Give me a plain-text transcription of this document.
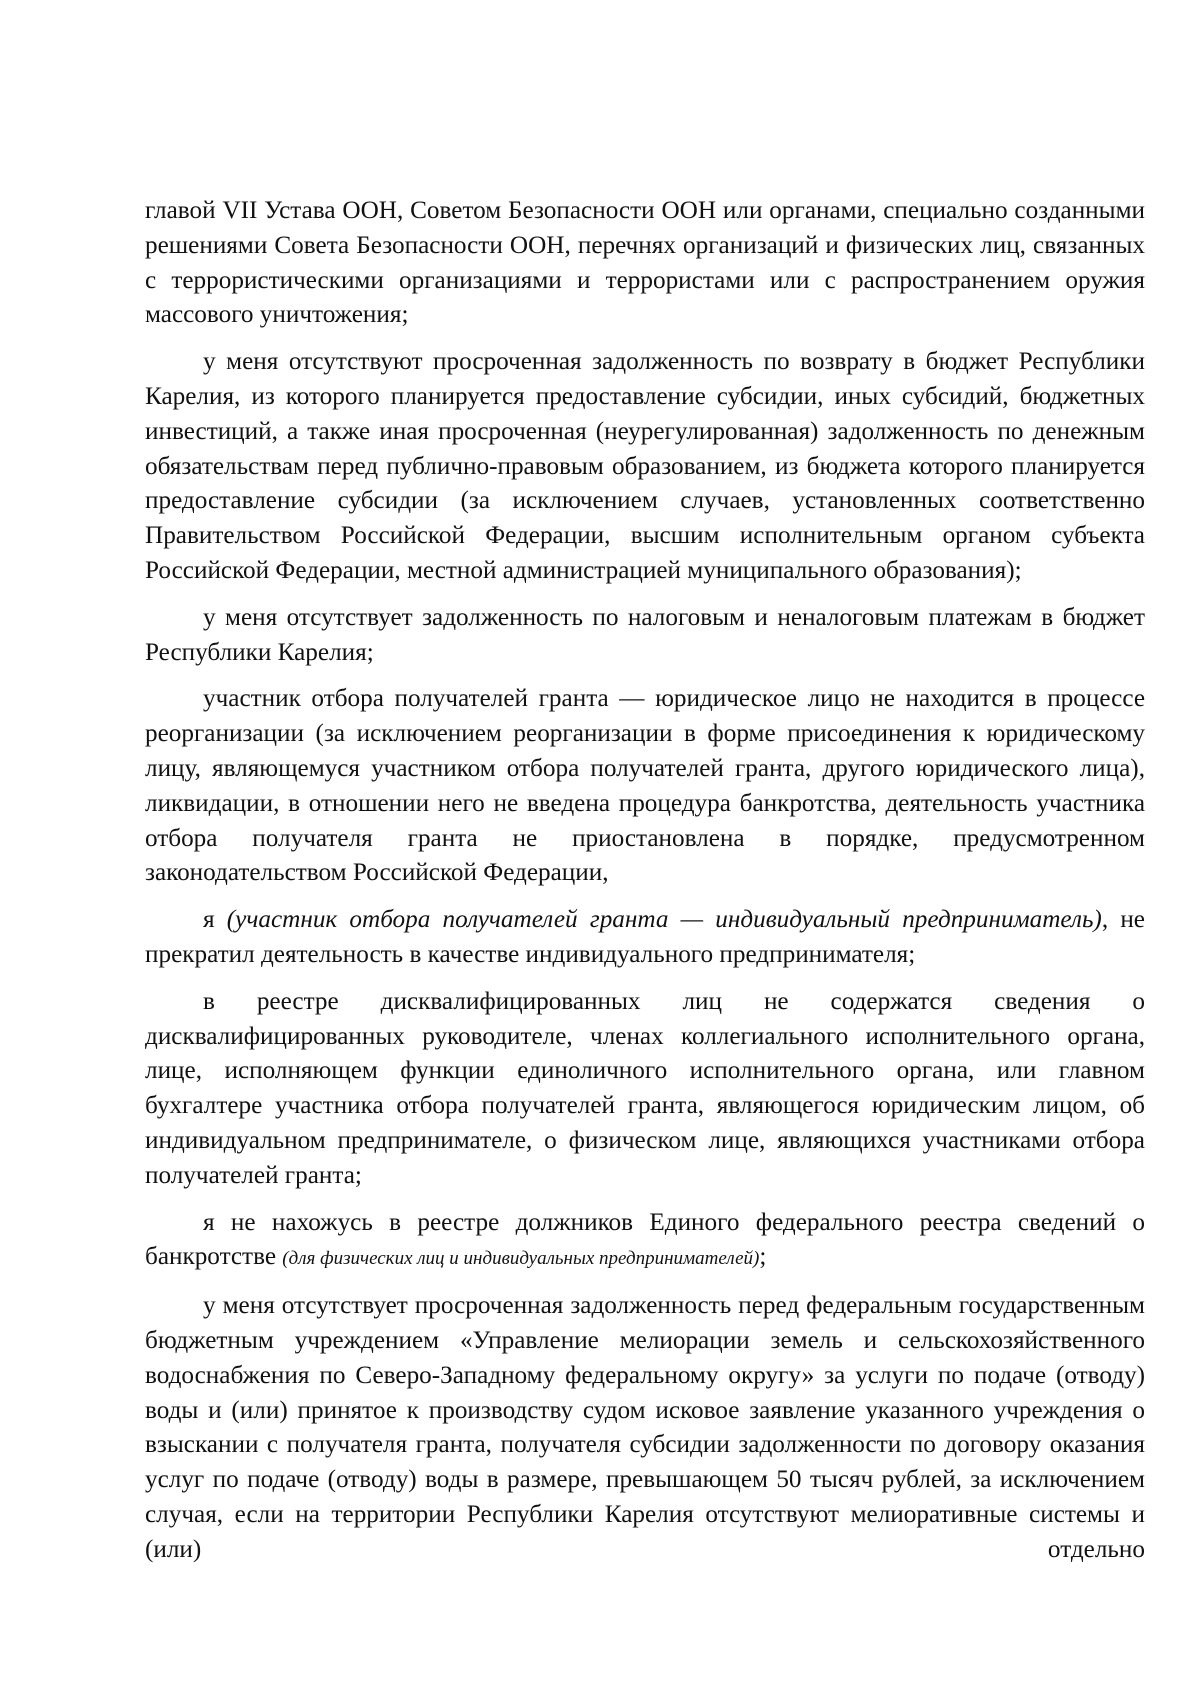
главой VII Устава ООН, Советом Безопасности ООН или органами, специально созданными решениями Совета Безопасности ООН, перечнях организаций и физических лиц, связанных с террористическими организациями и террористами или с распространением оружия массового уничтожения;

у меня отсутствуют просроченная задолженность по возврату в бюджет Республики Карелия, из которого планируется предоставление субсидии, иных субсидий, бюджетных инвестиций, а также иная просроченная (неурегулированная) задолженность по денежным обязательствам перед публично-правовым образованием, из бюджета которого планируется предоставление субсидии (за исключением случаев, установленных соответственно Правительством Российской Федерации, высшим исполнительным органом субъекта Российской Федерации, местной администрацией муниципального образования);

у меня отсутствует задолженность по налоговым и неналоговым платежам в бюджет Республики Карелия;

участник отбора получателей гранта — юридическое лицо не находится в процессе реорганизации (за исключением реорганизации в форме присоединения к юридическому лицу, являющемуся участником отбора получателей гранта, другого юридического лица), ликвидации, в отношении него не введена процедура банкротства, деятельность участника отбора получателя гранта не приостановлена в порядке, предусмотренном законодательством Российской Федерации,

я (участник отбора получателей гранта — индивидуальный предприниматель), не прекратил деятельность в качестве индивидуального предпринимателя;

в реестре дисквалифицированных лиц не содержатся сведения о дисквалифицированных руководителе, членах коллегиального исполнительного органа, лице, исполняющем функции единоличного исполнительного органа, или главном бухгалтере участника отбора получателей гранта, являющегося юридическим лицом, об индивидуальном предпринимателе, о физическом лице, являющихся участниками отбора получателей гранта;

я не нахожусь в реестре должников Единого федерального реестра сведений о банкротстве (для физических лиц и индивидуальных предпринимателей);

у меня отсутствует просроченная задолженность перед федеральным государственным бюджетным учреждением «Управление мелиорации земель и сельскохозяйственного водоснабжения по Северо-Западному федеральному округу» за услуги по подаче (отводу) воды и (или) принятое к производству судом исковое заявление указанного учреждения о взыскании с получателя гранта, получателя субсидии задолженности по договору оказания услуг по подаче (отводу) воды в размере, превышающем 50 тысяч рублей, за исключением случая, если на территории Республики Карелия отсутствуют мелиоративные системы и (или) отдельно
